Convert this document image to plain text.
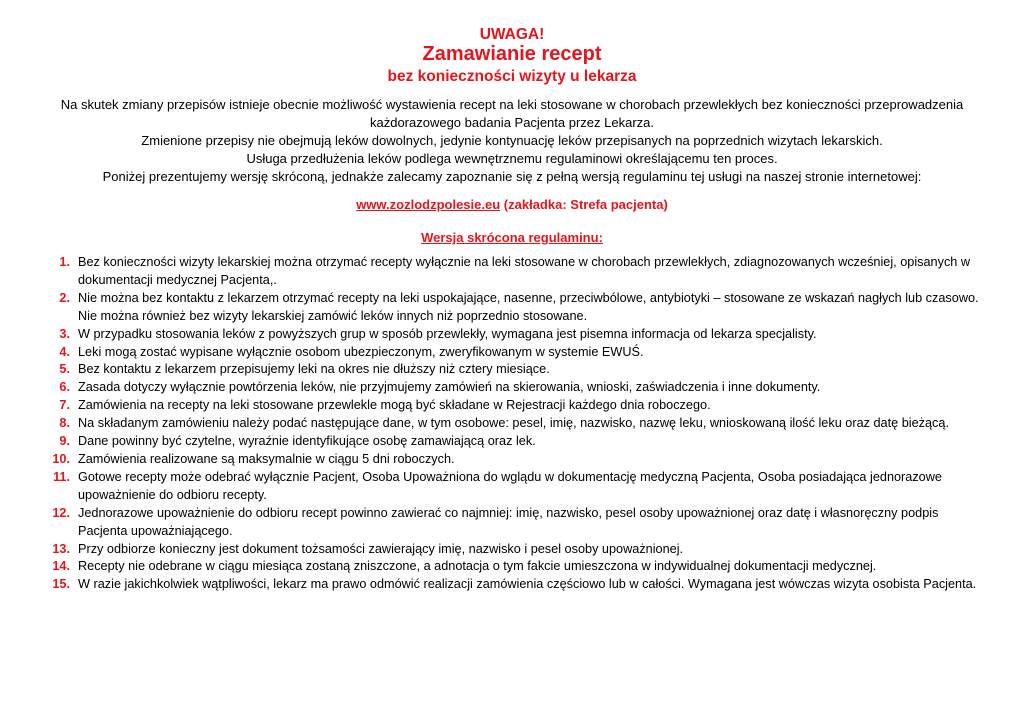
UWAGA!
Zamawianie recept
bez konieczności wizyty u lekarza

Na skutek zmiany przepisów istnieje obecnie możliwość wystawienia recept na leki stosowane w chorobach przewlekłych bez konieczności przeprowadzenia każdorazowego badania Pacjenta przez Lekarza.

Zmienione przepisy nie obejmują leków dowolnych, jedynie kontynuację leków przepisanych na poprzednich wizytach lekarskich.

Usługa przedłużenia leków podlega wewnętrznemu regulaminowi określającemu ten proces.

Poniżej prezentujemy wersję skróconą, jednakże zalecamy zapoznanie się z pełną wersją regulaminu tej usługi na naszej stronie internetowej:

www.zozlodzpolesie.eu (zakładka: Strefa pacjenta)
Wersja skrócona regulaminu:
1. Bez konieczności wizyty lekarskiej można otrzymać recepty wyłącznie na leki stosowane w chorobach przewlekłych, zdiagnozowanych wcześniej, opisanych w dokumentacji medycznej Pacjenta,.
2. Nie można bez kontaktu z lekarzem otrzymać recepty na leki uspokajające, nasenne, przeciwbólowe, antybiotyki – stosowane ze wskazań nagłych lub czasowo. Nie można również bez wizyty lekarskiej zamówić leków innych niż poprzednio stosowane.
3. W przypadku stosowania leków z powyższych grup w sposób przewlekły, wymagana jest pisemna informacja od lekarza specjalisty.
4. Leki mogą zostać wypisane wyłącznie osobom ubezpieczonym, zweryfikowanym w systemie EWUŚ.
5. Bez kontaktu z lekarzem przepisujemy leki na okres nie dłuższy niż cztery miesiące.
6. Zasada dotyczy wyłącznie powtórzenia leków, nie przyjmujemy zamówień na skierowania, wnioski, zaświadczenia i inne dokumenty.
7. Zamówienia na recepty na leki stosowane przewlekle mogą być składane w Rejestracji każdego dnia roboczego.
8. Na składanym zamówieniu należy podać następujące dane, w tym osobowe: pesel, imię, nazwisko, nazwę leku, wnioskowaną ilość leku oraz datę bieżącą.
9. Dane powinny być czytelne, wyraźnie identyfikujące osobę zamawiającą oraz lek.
10. Zamówienia realizowane są maksymalnie w ciągu 5 dni roboczych.
11. Gotowe recepty może odebrać wyłącznie Pacjent, Osoba Upoważniona do wglądu w dokumentację medyczną Pacjenta, Osoba posiadająca jednorazowe upoważnienie do odbioru recepty.
12. Jednorazowe upoważnienie do odbioru recept powinno zawierać co najmniej: imię, nazwisko, pesel osoby upoważnionej oraz datę i własnoręczny podpis Pacjenta upoważniającego.
13. Przy odbiorze konieczny jest dokument tożsamości zawierający imię, nazwisko i pesel osoby upoważnionej.
14. Recepty nie odebrane w ciągu miesiąca zostaną zniszczone, a adnotacja o tym fakcie umieszczona w indywidualnej dokumentacji medycznej.
15. W razie jakichkolwiek wątpliwości, lekarz ma prawo odmówić realizacji zamówienia częściowo lub w całości. Wymagana jest wówczas wizyta osobista Pacjenta.
